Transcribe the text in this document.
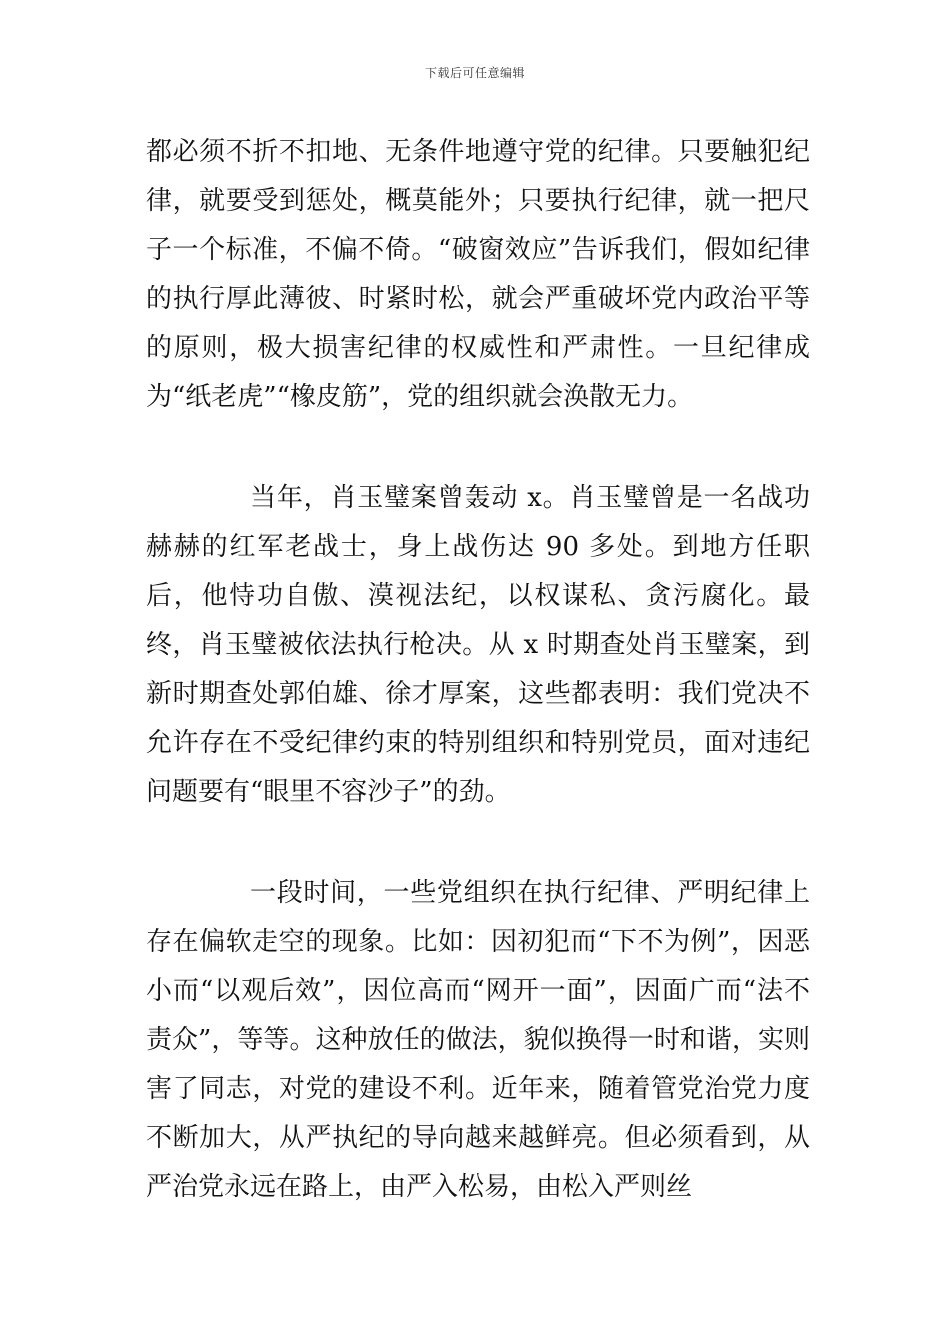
下载后可任意编辑

都必须不折不扣地、无条件地遵守党的纪律。只要触犯纪律，就要受到惩处，概莫能外；只要执行纪律，就一把尺子一个标准，不偏不倚。“破窗效应”告诉我们，假如纪律的执行厚此薄彼、时紧时松，就会严重破坏党内政治平等的原则，极大损害纪律的权威性和严肃性。一旦纪律成为“纸老虎”“橡皮筋”，党的组织就会涣散无力。

当年，肖玉璧案曾轰动 x。肖玉璧曾是一名战功赫赫的红军老战士，身上战伤达 90 多处。到地方任职后，他恃功自傲、漠视法纪，以权谋私、贪污腐化。最终，肖玉璧被依法执行枪决。从 x 时期查处肖玉璧案，到新时期查处郭伯雄、徐才厚案，这些都表明：我们党决不允许存在不受纪律约束的特别组织和特别党员，面对违纪问题要有“眼里不容沙子”的劲。

一段时间，一些党组织在执行纪律、严明纪律上存在偏软走空的现象。比如：因初犯而“下不为例”，因恶小而“以观后效”，因位高而“网开一面”，因面广而“法不责众”，等等。这种放任的做法，貌似换得一时和谐，实则害了同志，对党的建设不利。近年来，随着管党治党力度不断加大，从严执纪的导向越来越鲜亮。但必须看到，从严治党永远在路上，由严入松易，由松入严则丝
